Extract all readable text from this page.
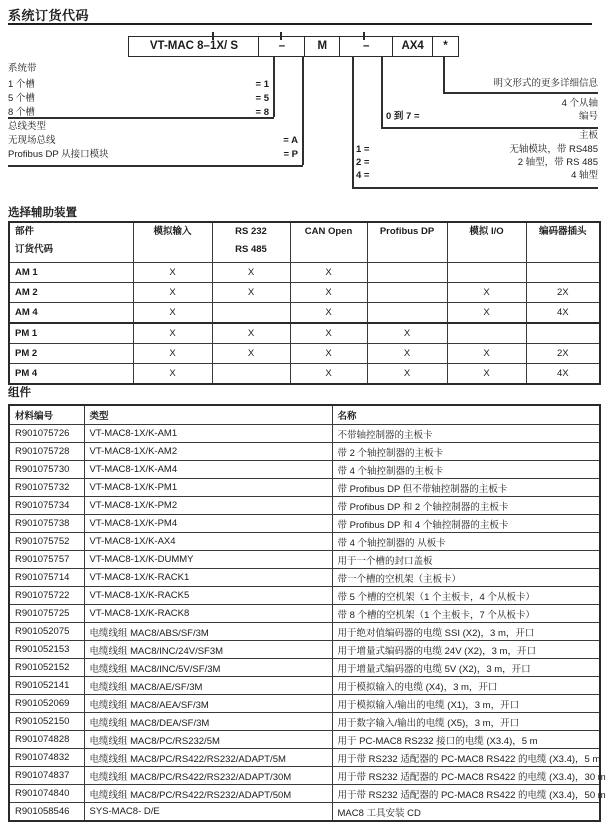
系统订货代码
VT-MAC 8–1X/ S	–	M	–	AX4	*
系统带
1 个槽	= 1
5 个槽	= 5
8 个槽	= 8
总线类型
无现场总线	= A
Profibus DP 从接口模块	= P
明文形式的更多详细信息
4 个从轴
0 到 7 =	编号
主板
1 =	无轴模块，带 RS485
2 =	2 轴型，带 RS 485
4 =	4 轴型
选择辅助装置
部件
订货代码

模拟输入	RS 232
RS 485

CAN Open	Profibus DP	模拟 I/O	编码器插头

AM 1	X	X	X			
AM 2	X	X	X		X	2X
AM 4	X		X		X	4X
PM 1	X	X	X	X		
PM 2	X	X	X	X	X	2X
PM 4	X		X	X	X	4X
组件
材料编号	类型	名称
R901075726	VT-MAC8-1X/K-AM1	不带轴控制器的主板卡
R901075728	VT-MAC8-1X/K-AM2	带 2 个轴控制器的主板卡
R901075730	VT-MAC8-1X/K-AM4	带 4 个轴控制器的主板卡
R901075732	VT-MAC8-1X/K-PM1	带 Profibus DP 但不带轴控制器的主板卡
R901075734	VT-MAC8-1X/K-PM2	带 Profibus DP 和 2 个轴控制器的主板卡
R901075738	VT-MAC8-1X/K-PM4	带 Profibus DP 和 4 个轴控制器的主板卡
R901075752	VT-MAC8-1X/K-AX4	带 4 个轴控制器的 从板卡
R901075757	VT-MAC8-1X/K-DUMMY	用于一个槽的封口盖板
R901075714	VT-MAC8-1X/K-RACK1	带一个槽的空机架（主板卡）
R901075722	VT-MAC8-1X/K-RACK5	带 5 个槽的空机架（1 个主板卡，4 个从板卡）
R901075725	VT-MAC8-1X/K-RACK8	带 8 个槽的空机架（1 个主板卡，7 个从板卡）
R901052075	电缆线组 MAC8/ABS/SF/3M	用于绝对值编码器的电缆 SSI (X2)，3 m，开口
R901052153	电缆线组 MAC8/INC/24V/SF3M	用于增量式编码器的电缆 24V (X2)，3 m，开口
R901052152	电缆线组 MAC8/INC/5V/SF/3M	用于增量式编码器的电缆 5V (X2)，3 m，开口
R901052141	电缆线组 MAC8/AE/SF/3M	用于模拟输入的电缆 (X4)，3 m，开口
R901052069	电缆线组 MAC8/AEA/SF/3M	用于模拟输入/输出的电缆 (X1)，3 m，开口
R901052150	电缆线组 MAC8/DEA/SF/3M	用于数字输入/输出的电缆 (X5)，3 m，开口
R901074828	电缆线组 MAC8/PC/RS232/5M	用于 PC-MAC8 RS232 接口的电缆 (X3.4)，5 m
R901074832	电缆线组 MAC8/PC/RS422/RS232/ADAPT/5M	用于带 RS232 适配器的 PC-MAC8 RS422 的电缆 (X3.4)，5 m
R901074837	电缆线组 MAC8/PC/RS422/RS232/ADAPT/30M	用于带 RS232 适配器的 PC-MAC8 RS422 的电缆 (X3.4)，30 m
R901074840	电缆线组 MAC8/PC/RS422/RS232/ADAPT/50M	用于带 RS232 适配器的 PC-MAC8 RS422 的电缆 (X3.4)，50 m
R901058546	SYS-MAC8- D/E	MAC8 工具安装 CD
